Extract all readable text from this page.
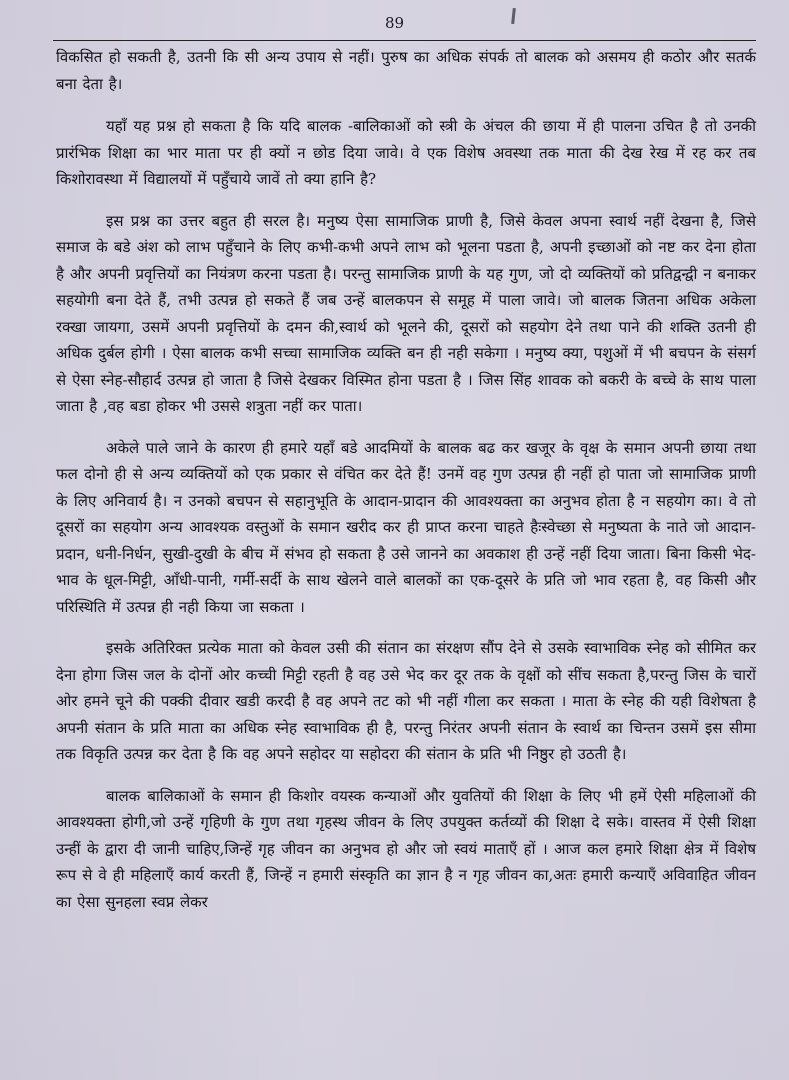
89

विकसित हो सकती है, उतनी कि सी अन्य उपाय से नहीं। पुरुष का अधिक संपर्क तो बालक को असमय ही कठोर और सतर्क बना देता है।

यहाँ यह प्रश्न हो सकता है कि यदि बालक -बालिकाओं को स्त्री के अंचल की छाया में ही पालना उचित है तो उनकी प्रारंभिक शिक्षा का भार माता पर ही क्यों न छोड दिया जावे। वे एक विशेष अवस्था तक माता की देख रेख में रह कर तब किशोरावस्था में विद्यालयों में पहुँचाये जावें तो क्या हानि है?

इस प्रश्न का उत्तर बहुत ही सरल है। मनुष्य ऐसा सामाजिक प्राणी है, जिसे केवल अपना स्वार्थ नहीं देखना है, जिसे समाज के बडे अंश को लाभ पहुँचाने के लिए कभी-कभी अपने लाभ को भूलना पडता है, अपनी इच्छाओं को नष्ट कर देना होता है और अपनी प्रवृत्तियों का नियंत्रण करना पडता है। परन्तु सामाजिक प्राणी के यह गुण, जो दो व्यक्तियों को प्रतिद्वन्द्वी न बनाकर सहयोगी बना देते हैं, तभी उत्पन्न हो सकते हैं जब उन्हें बालकपन से समूह में पाला जावे। जो बालक जितना अधिक अकेला रक्खा जायगा, उसमें अपनी प्रवृत्तियों के दमन की,स्वार्थ को भूलने की, दूसरों को सहयोग देने तथा पाने की शक्ति उतनी ही अधिक दुर्बल होगी । ऐसा बालक कभी सच्चा सामाजिक व्यक्ति बन ही नही सकेगा । मनुष्य क्या, पशुओं में भी बचपन के संसर्ग से ऐसा स्नेह-सौहार्द उत्पन्न हो जाता है जिसे देखकर विस्मित होना पडता है । जिस सिंह शावक को बकरी के बच्चे के साथ पाला जाता है ,वह बडा होकर भी उससे शत्रुता नहीं कर पाता।

अकेले पाले जाने के कारण ही हमारे यहाँ बडे आदमियों के बालक बढ कर खजूर के वृक्ष के समान अपनी छाया तथा फल दोनो ही से अन्य व्यक्तियों को एक प्रकार से वंचित कर देते हैं! उनमें वह गुण उत्पन्न ही नहीं हो पाता जो सामाजिक प्राणी के लिए अनिवार्य है। न उनको बचपन से सहानुभूति के आदान-प्रादान की आवश्यक्ता का अनुभव होता है न सहयोग का। वे तो दूसरों का सहयोग अन्य आवश्यक वस्तुओं के समान खरीद कर ही प्राप्त करना चाहते हैःस्वेच्छा से मनुष्यता के नाते जो आदान-प्रदान, धनी-निर्धन, सुखी-दुखी के बीच में संभव हो सकता है उसे जानने का अवकाश ही उन्हें नहीं दिया जाता। बिना किसी भेद-भाव के धूल-मिट्टी, आँधी-पानी, गर्मी-सर्दी के साथ खेलने वाले बालकों का एक-दूसरे के प्रति जो भाव रहता है, वह किसी और परिस्थिति में उत्पन्न ही नही किया जा सकता ।

इसके अतिरिक्त प्रत्येक माता को केवल उसी की संतान का संरक्षण सौंप देने से उसके स्वाभाविक स्नेह को सीमित कर देना होगा जिस जल के दोनों ओर कच्ची मिट्टी रहती है वह उसे भेद कर दूर तक के वृक्षों को सींच सकता है,परन्तु जिस के चारों ओर हमने चूने की पक्की दीवार खडी करदी है वह अपने तट को भी नहीं गीला कर सकता । माता के स्नेह की यही विशेषता है अपनी संतान के प्रति माता का अधिक स्नेह स्वाभाविक ही है, परन्तु निरंतर अपनी संतान के स्वार्थ का चिन्तन उसमें इस सीमा तक विकृति उत्पन्न कर देता है कि वह अपने सहोदर या सहोदरा की संतान के प्रति भी निष्ठुर हो उठती है।

बालक बालिकाओं के समान ही किशोर वयस्क कन्याओं और युवतियों की शिक्षा के लिए भी हमें ऐसी महिलाओं की आवश्यक्ता होगी,जो उन्हें गृहिणी के गुण तथा गृहस्थ जीवन के लिए उपयुक्त कर्तव्यों की शिक्षा दे सके। वास्तव में ऐसी शिक्षा उन्हीं के द्वारा दी जानी चाहिए,जिन्हें गृह जीवन का अनुभव हो और जो स्वयं माताएँ हों । आज कल हमारे शिक्षा क्षेत्र में विशेष रूप से वे ही महिलाएँ कार्य करती हैं, जिन्हें न हमारी संस्कृति का ज्ञान है न गृह जीवन का,अतः हमारी कन्याएँ अविवाहित जीवन का ऐसा सुनहला स्वप्न लेकर
